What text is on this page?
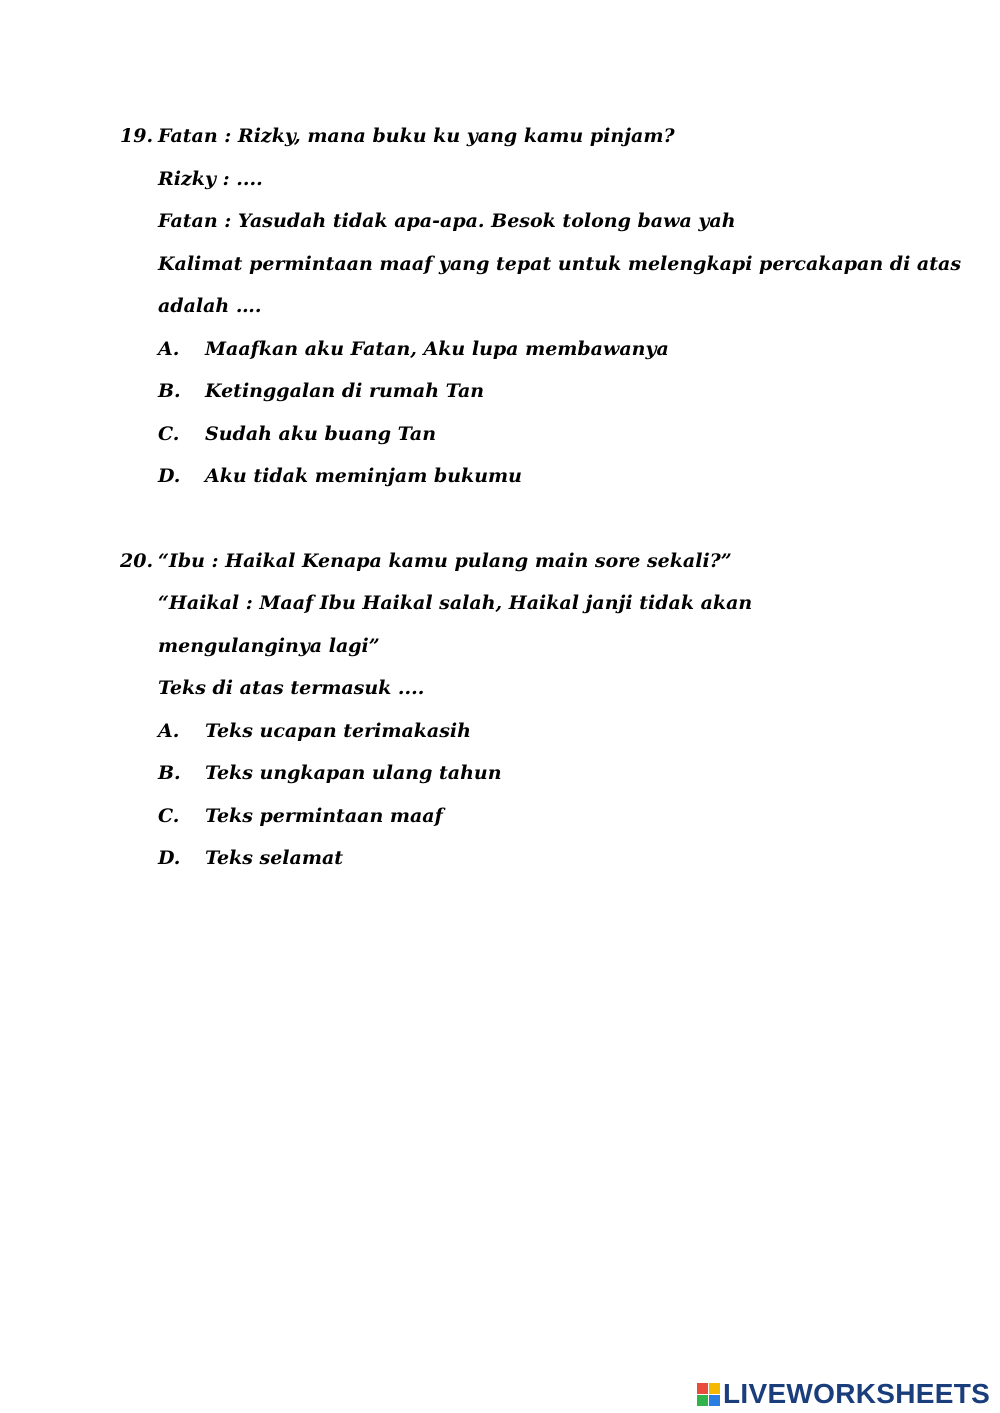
19. Fatan : Rizky, mana buku ku yang kamu pinjam?
Rizky : ....
Fatan : Yasudah tidak apa-apa. Besok tolong bawa yah
Kalimat permintaan maaf yang tepat untuk melengkapi percakapan di atas
adalah ….
A. Maafkan aku Fatan, Aku lupa membawanya
B. Ketinggalan di rumah Tan
C. Sudah aku buang Tan
D. Aku tidak meminjam bukumu
20. “Ibu : Haikal Kenapa kamu pulang main sore sekali?”
“Haikal : Maaf Ibu Haikal salah, Haikal janji tidak akan
mengulanginya lagi”
Teks di atas termasuk ....
A. Teks ucapan terimakasih
B. Teks ungkapan ulang tahun
C. Teks permintaan maaf
D. Teks selamat
LIVEWORKSHEETS
